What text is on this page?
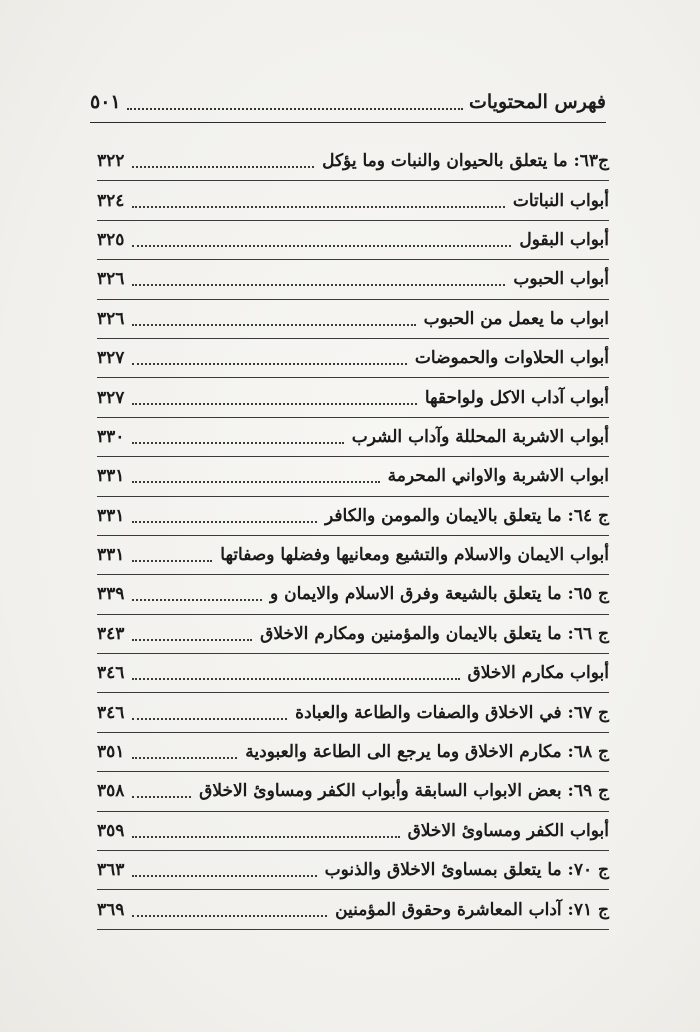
فهرس المحتويات
٥٠١
ج٦٣: ما يتعلق بالحيوان والنبات وما يؤكل
٣٢٢
أبواب النباتات
٣٢٤
أبواب البقول
٣٢٥
أبواب الحبوب
٣٢٦
ابواب ما يعمل من الحبوب
٣٢٦
أبواب الحلاوات والحموضات
٣٢٧
أبواب آداب الاكل ولواحقها
٣٢٧
أبواب الاشربة المحللة وآداب الشرب
٣٣٠
ابواب الاشربة والاواني المحرمة
٣٣١
ج ٦٤: ما يتعلق بالايمان والمومن والكافر
٣٣١
أبواب الايمان والاسلام والتشيع ومعانيها وفضلها وصفاتها
٣٣١
ج ٦٥: ما يتعلق بالشيعة وفرق الاسلام والايمان و
٣٣٩
ج ٦٦: ما يتعلق بالايمان والمؤمنين ومكارم الاخلاق
٣٤٣
أبواب مكارم الاخلاق
٣٤٦
ج ٦٧: في الاخلاق والصفات والطاعة والعبادة
٣٤٦
ج ٦٨: مكارم الاخلاق وما يرجع الى الطاعة والعبودية
٣٥١
ج ٦٩: بعض الابواب السابقة وأبواب الكفر ومساوئ الاخلاق
٣٥٨
أبواب الكفر ومساوئ الاخلاق
٣٥٩
ج ٧٠: ما يتعلق بمساوئ الاخلاق والذنوب
٣٦٣
ج ٧١: آداب المعاشرة وحقوق المؤمنين
٣٦٩
